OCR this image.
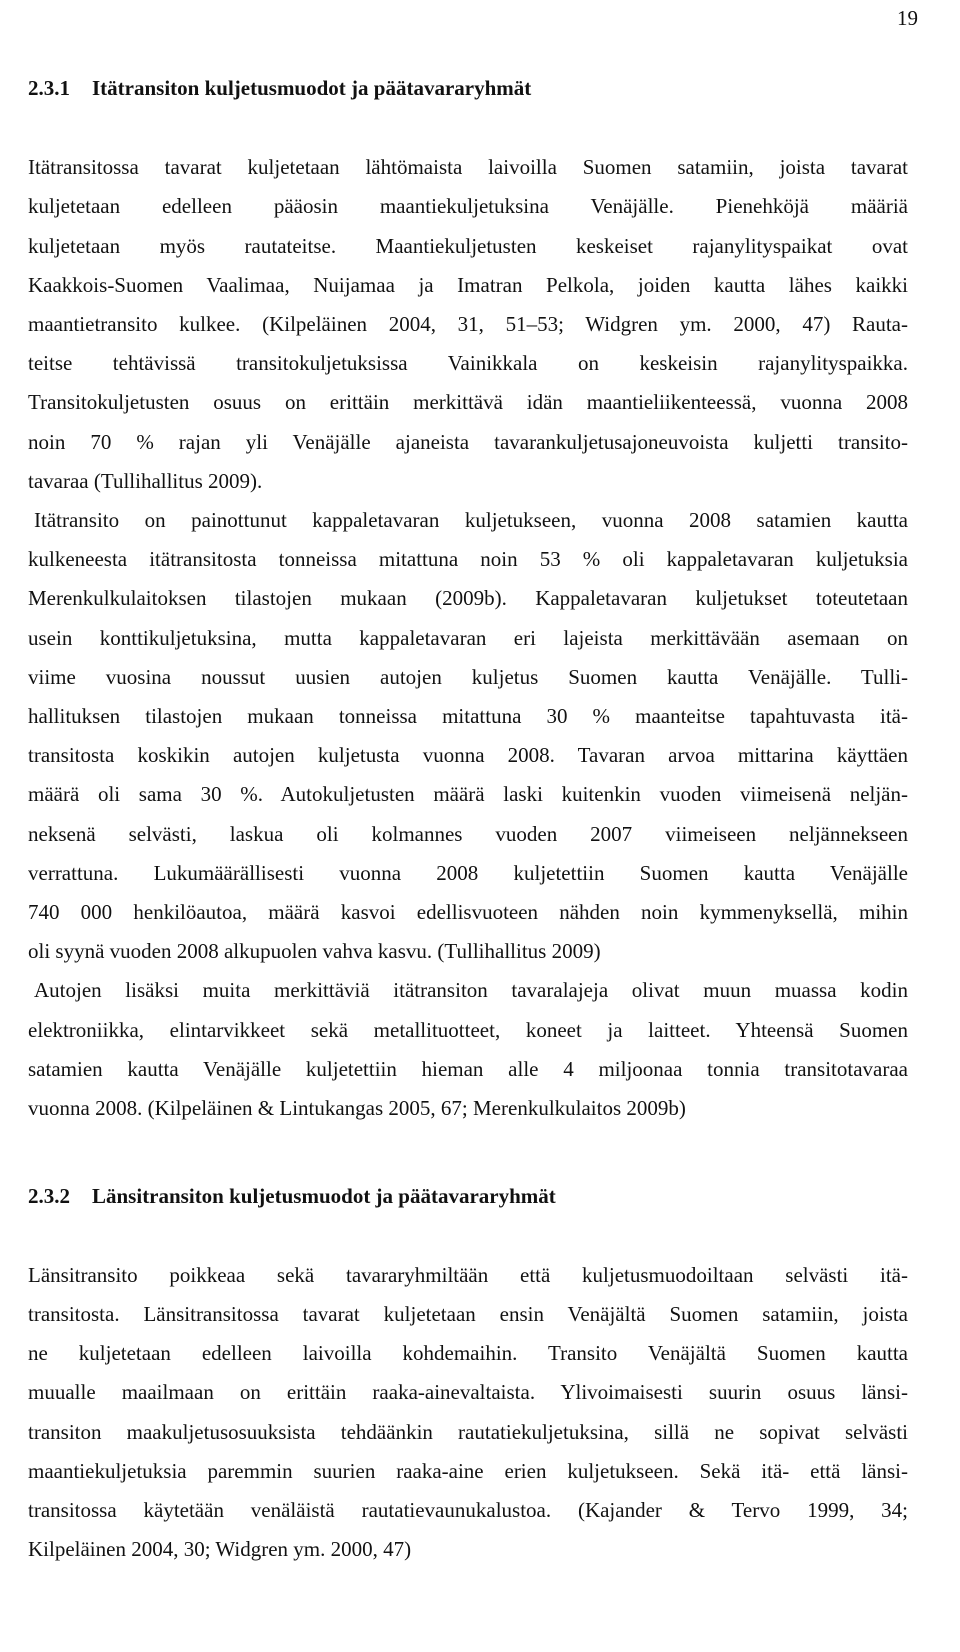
19
2.3.1 Itätransiton kuljetusmuodot ja päätavararyhmät
Itätransitossa tavarat kuljetetaan lähtömaista laivoilla Suomen satamiin, joista tavarat
kuljetetaan edelleen pääosin maantiekuljetuksina Venäjälle. Pienehköjä määriä
kuljetetaan myös rautateitse. Maantiekuljetusten keskeiset rajanylityspaikat ovat
Kaakkois-Suomen Vaalimaa, Nuijamaa ja Imatran Pelkola, joiden kautta lähes kaikki
maantietransito kulkee. (Kilpeläinen 2004, 31, 51–53; Widgren ym. 2000, 47) Rauta-
teitse tehtävissä transitokuljetuksissa Vainikkala on keskeisin rajanylityspaikka.
Transitokuljetusten osuus on erittäin merkittävä idän maantieliikenteessä, vuonna 2008
noin 70 % rajan yli Venäjälle ajaneista tavarankuljetusajoneuvoista kuljetti transito-
tavaraa (Tullihallitus 2009).
Itätransito on painottunut kappaletavaran kuljetukseen, vuonna 2008 satamien kautta
kulkeneesta itätransitosta tonneissa mitattuna noin 53 % oli kappaletavaran kuljetuksia
Merenkulkulaitoksen tilastojen mukaan (2009b). Kappaletavaran kuljetukset toteutetaan
usein konttikuljetuksina, mutta kappaletavaran eri lajeista merkittävään asemaan on
viime vuosina noussut uusien autojen kuljetus Suomen kautta Venäjälle. Tulli-
hallituksen tilastojen mukaan tonneissa mitattuna 30 % maanteitse tapahtuvasta itä-
transitosta koskikin autojen kuljetusta vuonna 2008. Tavaran arvoa mittarina käyttäen
määrä oli sama 30 %. Autokuljetusten määrä laski kuitenkin vuoden viimeisenä neljän-
neksenä selvästi, laskua oli kolmannes vuoden 2007 viimeiseen neljännekseen
verrattuna. Lukumäärällisesti vuonna 2008 kuljetettiin Suomen kautta Venäjälle
740 000 henkilöautoa, määrä kasvoi edellisvuoteen nähden noin kymmenyksellä, mihin
oli syynä vuoden 2008 alkupuolen vahva kasvu. (Tullihallitus 2009)
Autojen lisäksi muita merkittäviä itätransiton tavaralajeja olivat muun muassa kodin
elektroniikka, elintarvikkeet sekä metallituotteet, koneet ja laitteet. Yhteensä Suomen
satamien kautta Venäjälle kuljetettiin hieman alle 4 miljoonaa tonnia transitotavaraa
vuonna 2008. (Kilpeläinen & Lintukangas 2005, 67; Merenkulkulaitos 2009b)
2.3.2 Länsitransiton kuljetusmuodot ja päätavararyhmät
Länsitransito poikkeaa sekä tavararyhmiltään että kuljetusmuodoiltaan selvästi itä-
transitosta. Länsitransitossa tavarat kuljetetaan ensin Venäjältä Suomen satamiin, joista
ne kuljetetaan edelleen laivoilla kohdemaihin. Transito Venäjältä Suomen kautta
muualle maailmaan on erittäin raaka-ainevaltaista. Ylivoimaisesti suurin osuus länsi-
transiton maakuljetusosuuksista tehdäänkin rautatiekuljetuksina, sillä ne sopivat selvästi
maantiekuljetuksia paremmin suurien raaka-aine erien kuljetukseen. Sekä itä- että länsi-
transitossa käytetään venäläistä rautatievaunukalustoa. (Kajander & Tervo 1999, 34;
Kilpeläinen 2004, 30; Widgren ym. 2000, 47)
